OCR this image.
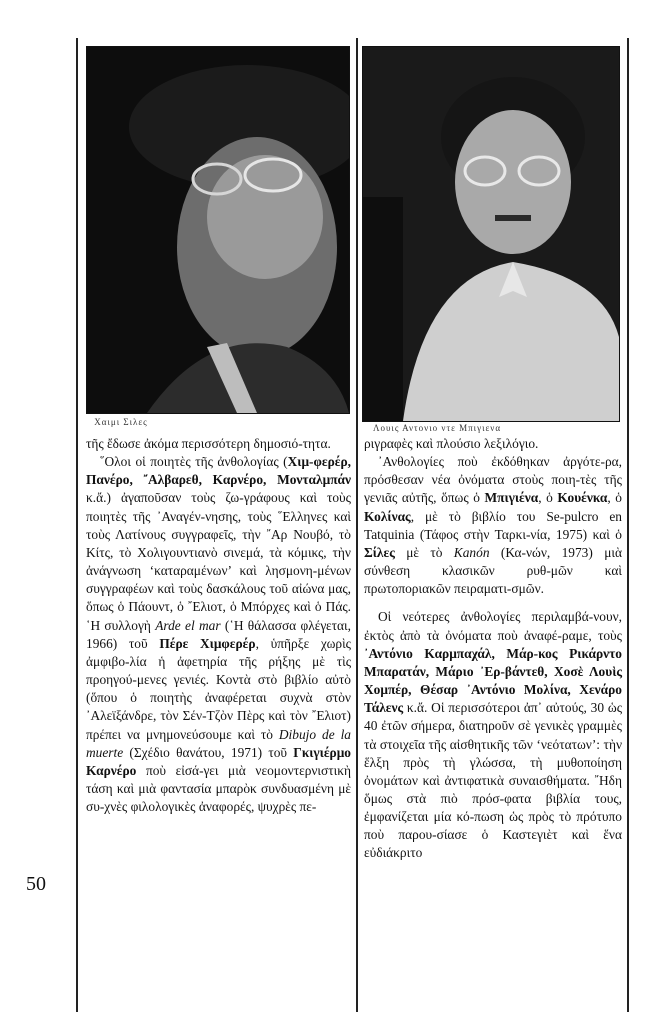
Χαιμι Σιλες
Λουις Αντονιο ντε Μπιγιενα

τῆς ἔδωσε ἀκόμα περισσότερη δημοσιό-τητα.

῞Ολοι οἱ ποιητὲς τῆς ἀνθολογίας (Χιμ-φερέρ, Πανέρο, ῎Αλβαρεθ, Καρνέρο, Μονταλμπάν κ.ἄ.) ἀγαποῦσαν τοὺς ζω-γράφους καὶ τοὺς ποιητὲς τῆς ᾿Αναγέν-νησης, τοὺς ῞Ελληνες καὶ τοὺς Λατίνους συγγραφεῖς, τὴν ῎Αρ Νουβό, τὸ Κίτς, τὸ Χολιγουντιανὸ σινεμά, τὰ κόμικς, τὴν ἀνάγνωση ‘καταραμένων’ καὶ λησμονη-μένων συγγραφέων καὶ τοὺς δασκάλους τοῦ αἰώνα μας, ὅπως ὁ Πάουντ, ὁ ῎Ελιοτ, ὁ Μπόρχες καὶ ὁ Πάς. ῾Η συλλογὴ Arde el mar (῾Η θάλασσα φλέγεται, 1966) τοῦ Πέρε Χιμφερέρ, ὑπῆρξε χωρὶς ἀμφιβο-λία ἡ ἀφετηρία τῆς ρήξης μὲ τὶς προηγού-μενες γενιές. Κοντὰ στὸ βιβλίο αὐτὸ (ὅπου ὁ ποιητὴς ἀναφέρεται συχνὰ στὸν ᾿Αλεϊξάνδρε, τὸν Σέν-Τζὸν Πὲρς καὶ τὸν ῎Ελιοτ) πρέπει να μνημονεύσουμε καὶ τὸ Dibujo de la muerte (Σχέδιο θανάτου, 1971) τοῦ Γκιγιέρμο Καρνέρο ποὺ εἰσά-γει μιὰ νεομοντερνιστικὴ τάση καὶ μιὰ φαντασία μπαρὸκ συνδυασμένη μὲ συ-χνὲς φιλολογικὲς ἀναφορές, ψυχρὲς πε-

50

ριγραφὲς καὶ πλούσιο λεξιλόγιο.

᾿Ανθολογίες ποὺ ἐκδόθηκαν ἀργότε-ρα, πρόσθεσαν νέα ὀνόματα στοὺς ποιη-τὲς τῆς γενιᾶς αὐτῆς, ὅπως ὁ Μπιγιένα, ὁ Κουένκα, ὁ Κολίνας, μὲ τὸ βιβλίο του Se-pulcro en Tatquinia (Τάφος στὴν Ταρκι-νία, 1975) καὶ ὁ Σίλες μὲ τὸ Kanón (Κα-νών, 1973) μιὰ σύνθεση κλασικῶν ρυθ-μῶν καὶ πρωτοποριακῶν πειραματι-σμῶν.

Οἱ νεότερες ἀνθολογίες περιλαμβά-νουν, ἐκτὸς ἀπὸ τὰ ὀνόματα ποὺ ἀναφέ-ραμε, τοὺς ᾿Αντόνιο Καρμπαχάλ, Μάρ-κος Ρικάρντο Μπαρατάν, Μάριο ᾿Ερ-βάντεθ, Χοσὲ Λουὶς Χομπέρ, Θέσαρ ᾿Αντόνιο Μολίνα, Χενάρο Τάλενς κ.ἄ. Οἱ περισσότεροι ἀπ᾿ αὐτούς, 30 ὡς 40 ἐτῶν σήμερα, διατηροῦν σὲ γενικὲς γραμμὲς τὰ στοιχεῖα τῆς αἰσθητικῆς τῶν ‘νεότατων’: τὴν ἕλξη πρὸς τὴ γλώσσα, τὴ μυθοποίηση ὀνομάτων καὶ ἀντιφατικὰ συναισθήματα. ῎Ηδη ὅμως στὰ πιὸ πρόσ-φατα βιβλία τους, ἐμφανίζεται μία κό-πωση ὡς πρὸς τὸ πρότυπο ποὺ παρου-σίασε ὁ Καστεγιὲτ καὶ ἕνα εὐδιάκριτο
